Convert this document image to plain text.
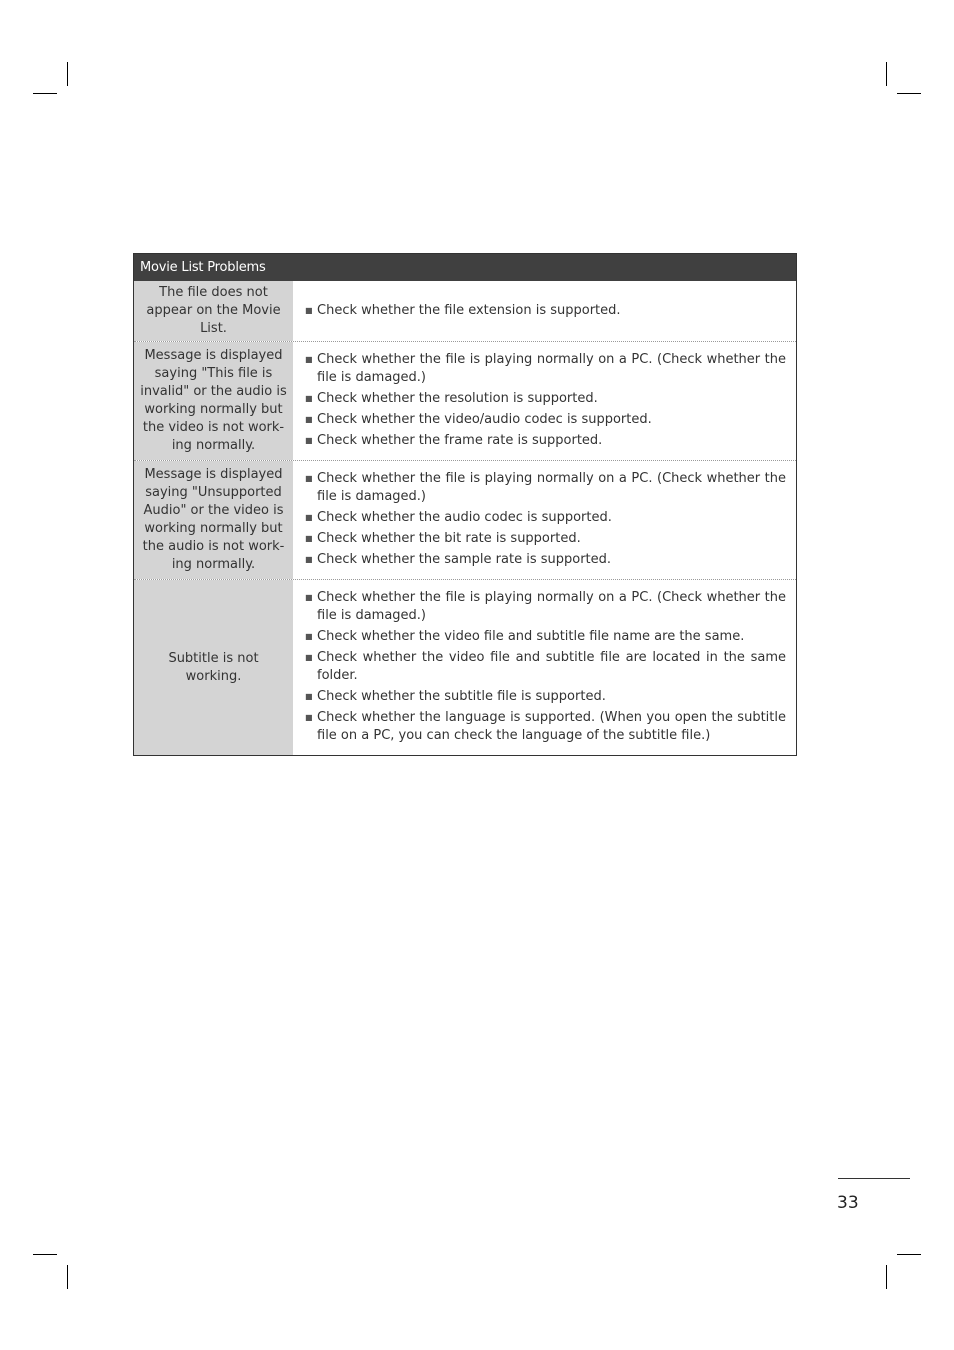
Movie List Problems
The file does not appear on the Movie List.
■ Check whether the file extension is supported.
Message is displayed saying "This file is invalid" or the audio is working normally but the video is not work-ing normally.
■ Check whether the file is playing normally on a PC. (Check whether the file is damaged.)
■ Check whether the resolution is supported.
■ Check whether the video/audio codec is supported.
■ Check whether the frame rate is supported.
Message is displayed saying "Unsupported Audio" or the video is working normally but the audio is not work-ing normally.
■ Check whether the file is playing normally on a PC. (Check whether the file is damaged.)
■ Check whether the audio codec is supported.
■ Check whether the bit rate is supported.
■ Check whether the sample rate is supported.
Subtitle is not working.
■ Check whether the file is playing normally on a PC. (Check whether the file is damaged.)
■ Check whether the video file and subtitle file name are the same.
■ Check whether the video file and subtitle file are located in the same folder.
■ Check whether the subtitle file is supported.
■ Check whether the language is supported. (When you open the subtitle file on a PC, you can check the language of the subtitle file.)
33
